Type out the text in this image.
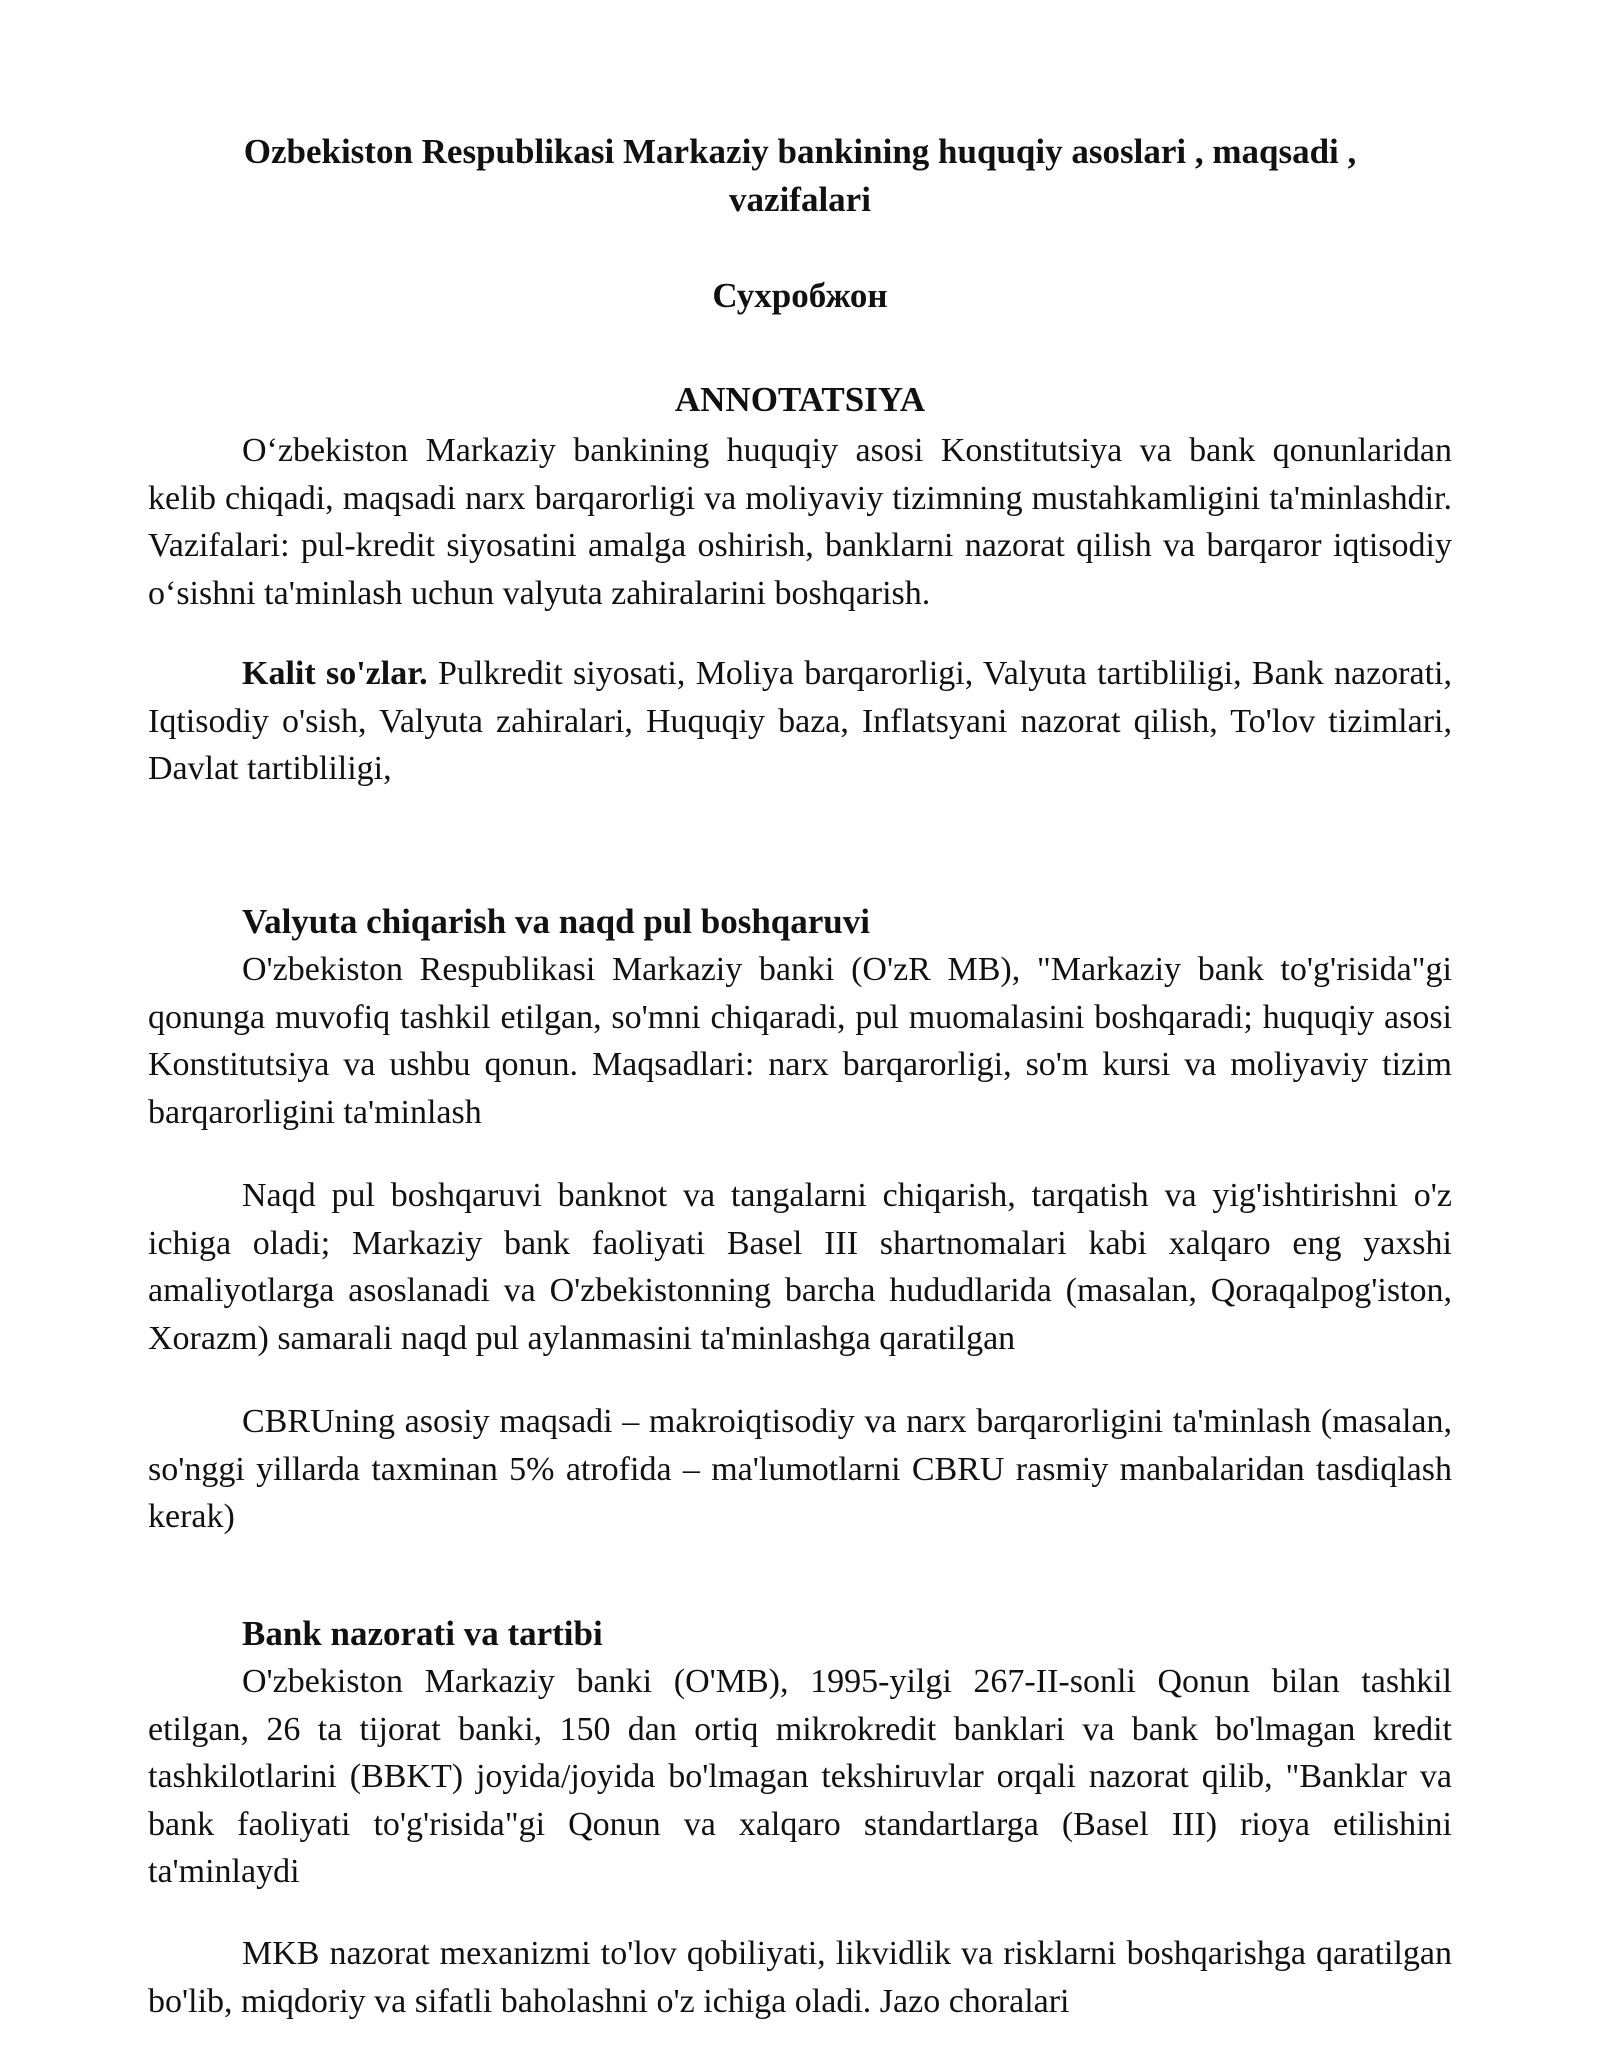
Ozbekiston Respublikasi Markaziy bankining huquqiy asoslari , maqsadi , vazifalari

Сухробжон

ANNOTATSIYA

Oʻzbekiston Markaziy bankining huquqiy asosi Konstitutsiya va bank qonunlaridan kelib chiqadi, maqsadi narx barqarorligi va moliyaviy tizimning mustahkamligini ta'minlashdir. Vazifalari: pul-kredit siyosatini amalga oshirish, banklarni nazorat qilish va barqaror iqtisodiy oʻsishni ta'minlash uchun valyuta zahiralarini boshqarish.

Kalit so'zlar. Pulkredit siyosati, Moliya barqarorligi, Valyuta tartibliligi, Bank nazorati, Iqtisodiy o'sish, Valyuta zahiralari, Huquqiy baza, Inflatsyani nazorat qilish, To'lov tizimlari, Davlat tartibliligi,

Valyuta chiqarish va naqd pul boshqaruvi

O'zbekiston Respublikasi Markaziy banki (O'zR MB), "Markaziy bank to'g'risida"gi qonunga muvofiq tashkil etilgan, so'mni chiqaradi, pul muomalasini boshqaradi; huquqiy asosi Konstitutsiya va ushbu qonun. Maqsadlari: narx barqarorligi, so'm kursi va moliyaviy tizim barqarorligini ta'minlash

Naqd pul boshqaruvi banknot va tangalarni chiqarish, tarqatish va yig'ishtirishni o'z ichiga oladi; Markaziy bank faoliyati Basel III shartnomalari kabi xalqaro eng yaxshi amaliyotlarga asoslanadi va O'zbekistonning barcha hududlarida (masalan, Qoraqalpog'iston, Xorazm) samarali naqd pul aylanmasini ta'minlashga qaratilgan

CBRUning asosiy maqsadi – makroiqtisodiy va narx barqarorligini ta'minlash (masalan, so'nggi yillarda taxminan 5% atrofida – ma'lumotlarni CBRU rasmiy manbalaridan tasdiqlash kerak)

Bank nazorati va tartibi

O'zbekiston Markaziy banki (O'MB), 1995-yilgi 267-II-sonli Qonun bilan tashkil etilgan, 26 ta tijorat banki, 150 dan ortiq mikrokredit banklari va bank bo'lmagan kredit tashkilotlarini (BBKT) joyida/joyida bo'lmagan tekshiruvlar orqali nazorat qilib, "Banklar va bank faoliyati to'g'risida"gi Qonun va xalqaro standartlarga (Basel III) rioya etilishini ta'minlaydi

MKB nazorat mexanizmi to'lov qobiliyati, likvidlik va risklarni boshqarishga qaratilgan bo'lib, miqdoriy va sifatli baholashni o'z ichiga oladi. Jazo choralari
